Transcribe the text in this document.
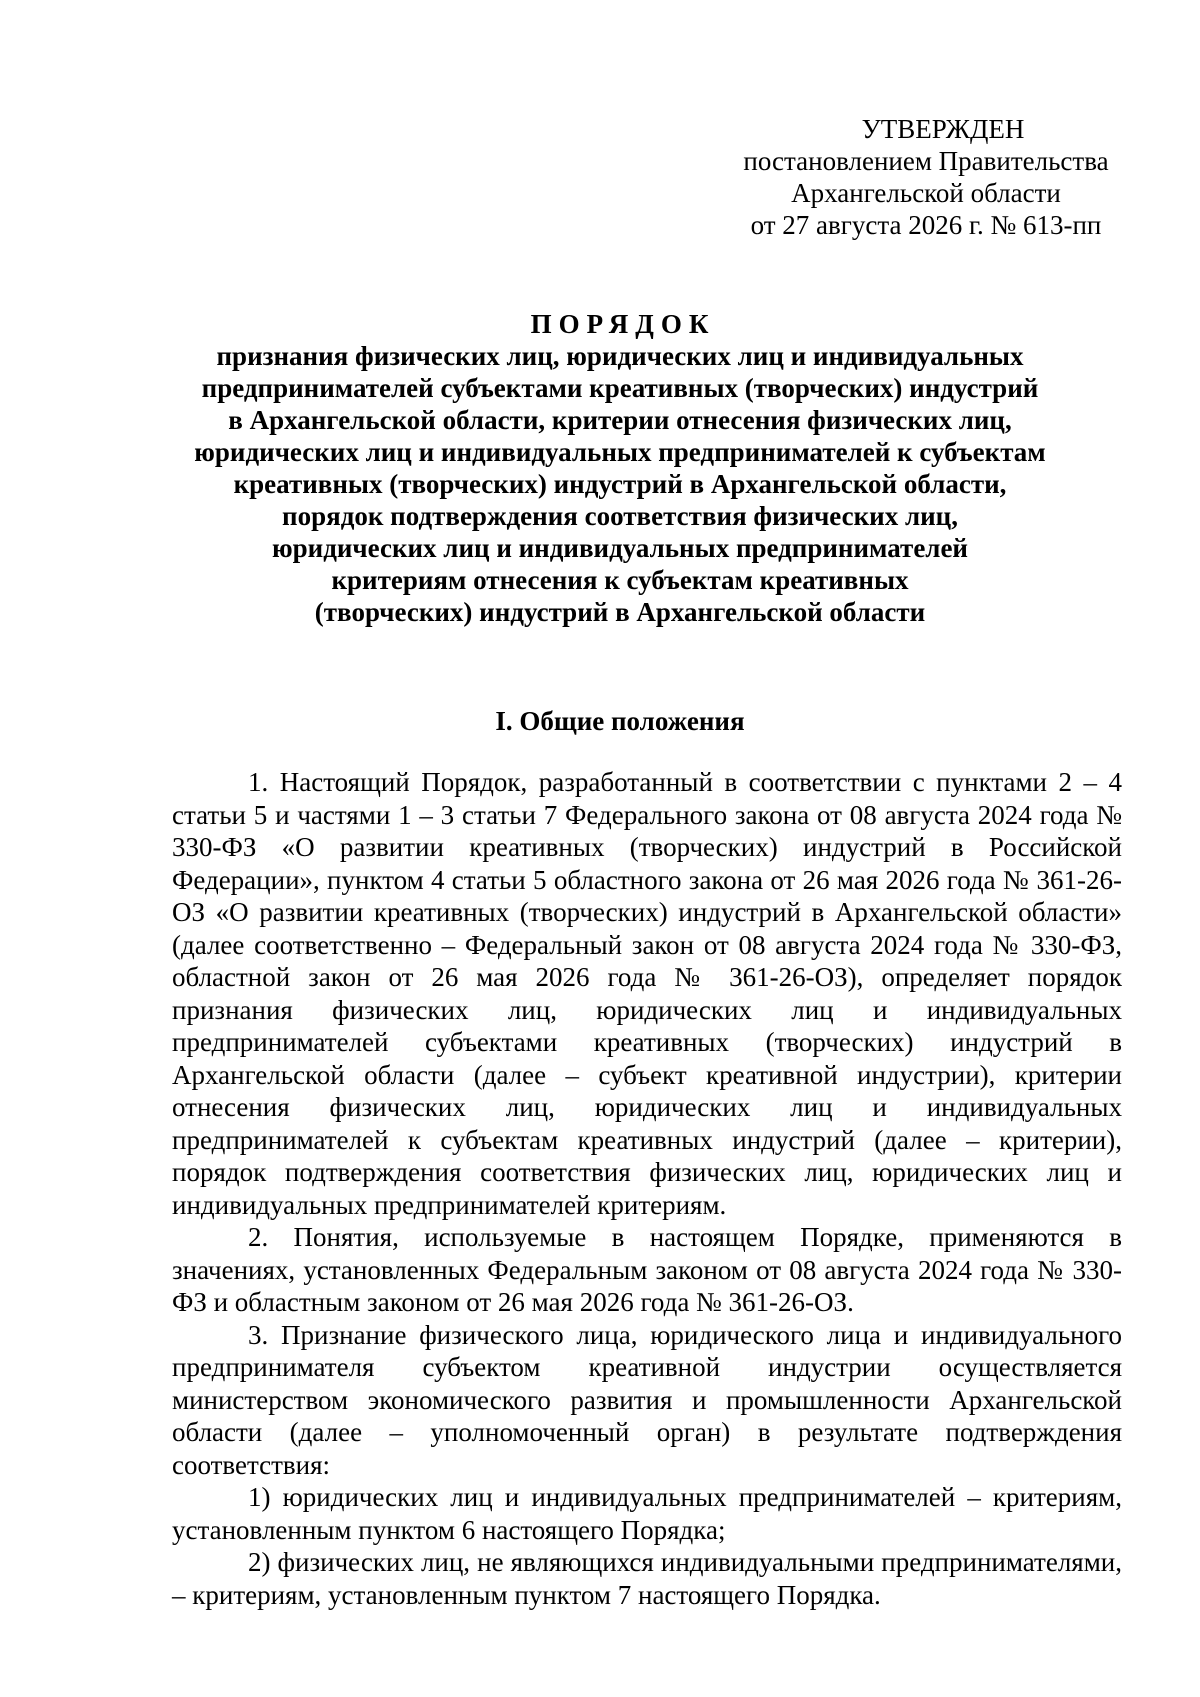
УТВЕРЖДЕН
постановлением Правительства
Архангельской области
от 27 августа 2026 г. № 613-пп
ПОРЯДОК
признания физических лиц, юридических лиц и индивидуальных
предпринимателей субъектами креативных (творческих) индустрий
в Архангельской области, критерии отнесения физических лиц,
юридических лиц и индивидуальных предпринимателей к субъектам
креативных (творческих) индустрий в Архангельской области,
порядок подтверждения соответствия физических лиц,
юридических лиц и индивидуальных предпринимателей
критериям отнесения к субъектам креативных
(творческих) индустрий в Архангельской области
I. Общие положения

1. Настоящий Порядок, разработанный в соответствии с пунктами 2 – 4 статьи 5 и частями 1 – 3 статьи 7 Федерального закона от 08 августа 2024 года № 330-ФЗ «О развитии креативных (творческих) индустрий в Российской Федерации», пунктом 4 статьи 5 областного закона от 26 мая 2026 года № 361-26-ОЗ «О развитии креативных (творческих) индустрий в Архангельской области» (далее соответственно – Федеральный закон от 08 августа 2024 года № 330-ФЗ, областной закон от 26 мая 2026 года № 361-26-ОЗ), определяет порядок признания физических лиц, юридических лиц и индивидуальных предпринимателей субъектами креативных (творческих) индустрий в Архангельской области (далее – субъект креативной индустрии), критерии отнесения физических лиц, юридических лиц и индивидуальных предпринимателей к субъектам креативных индустрий (далее – критерии), порядок подтверждения соответствия физических лиц, юридических лиц и индивидуальных предпринимателей критериям.

2. Понятия, используемые в настоящем Порядке, применяются в значениях, установленных Федеральным законом от 08 августа 2024 года № 330-ФЗ и областным законом от 26 мая 2026 года № 361-26-ОЗ.

3. Признание физического лица, юридического лица и индивидуального предпринимателя субъектом креативной индустрии осуществляется министерством экономического развития и промышленности Архангельской области (далее – уполномоченный орган) в результате подтверждения соответствия:

1) юридических лиц и индивидуальных предпринимателей – критериям, установленным пунктом 6 настоящего Порядка;

2) физических лиц, не являющихся индивидуальными предпринимателями, – критериям, установленным пунктом 7 настоящего Порядка.
